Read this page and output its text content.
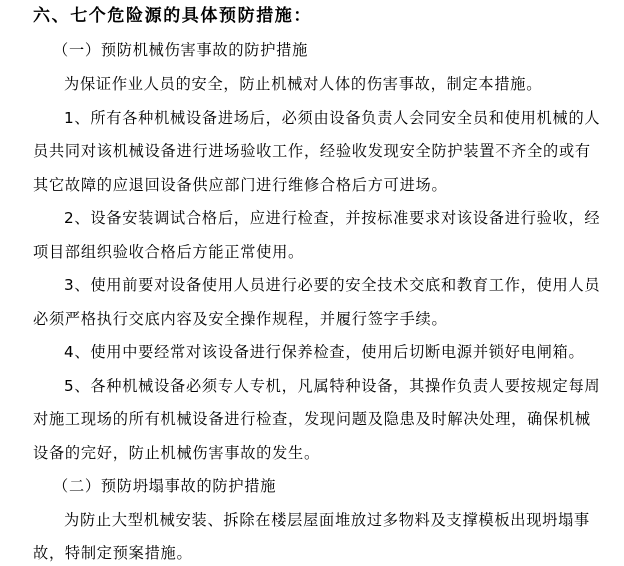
六、七个危险源的具体预防措施：
（一）预防机械伤害事故的防护措施
为保证作业人员的安全，防止机械对人体的伤害事故，制定本措施。
1、所有各种机械设备进场后，必须由设备负责人会同安全员和使用机械的人
员共同对该机械设备进行进场验收工作，经验收发现安全防护装置不齐全的或有
其它故障的应退回设备供应部门进行维修合格后方可进场。
2、设备安装调试合格后，应进行检查，并按标准要求对该设备进行验收，经
项目部组织验收合格后方能正常使用。
3、使用前要对设备使用人员进行必要的安全技术交底和教育工作，使用人员
必须严格执行交底内容及安全操作规程，并履行签字手续。
4、使用中要经常对该设备进行保养检查，使用后切断电源并锁好电闸箱。
5、各种机械设备必须专人专机，凡属特种设备，其操作负责人要按规定每周
对施工现场的所有机械设备进行检查，发现问题及隐患及时解决处理，确保机械
设备的完好，防止机械伤害事故的发生。
（二）预防坍塌事故的防护措施
为防止大型机械安装、拆除在楼层屋面堆放过多物料及支撑模板出现坍塌事
故，特制定预案措施。
